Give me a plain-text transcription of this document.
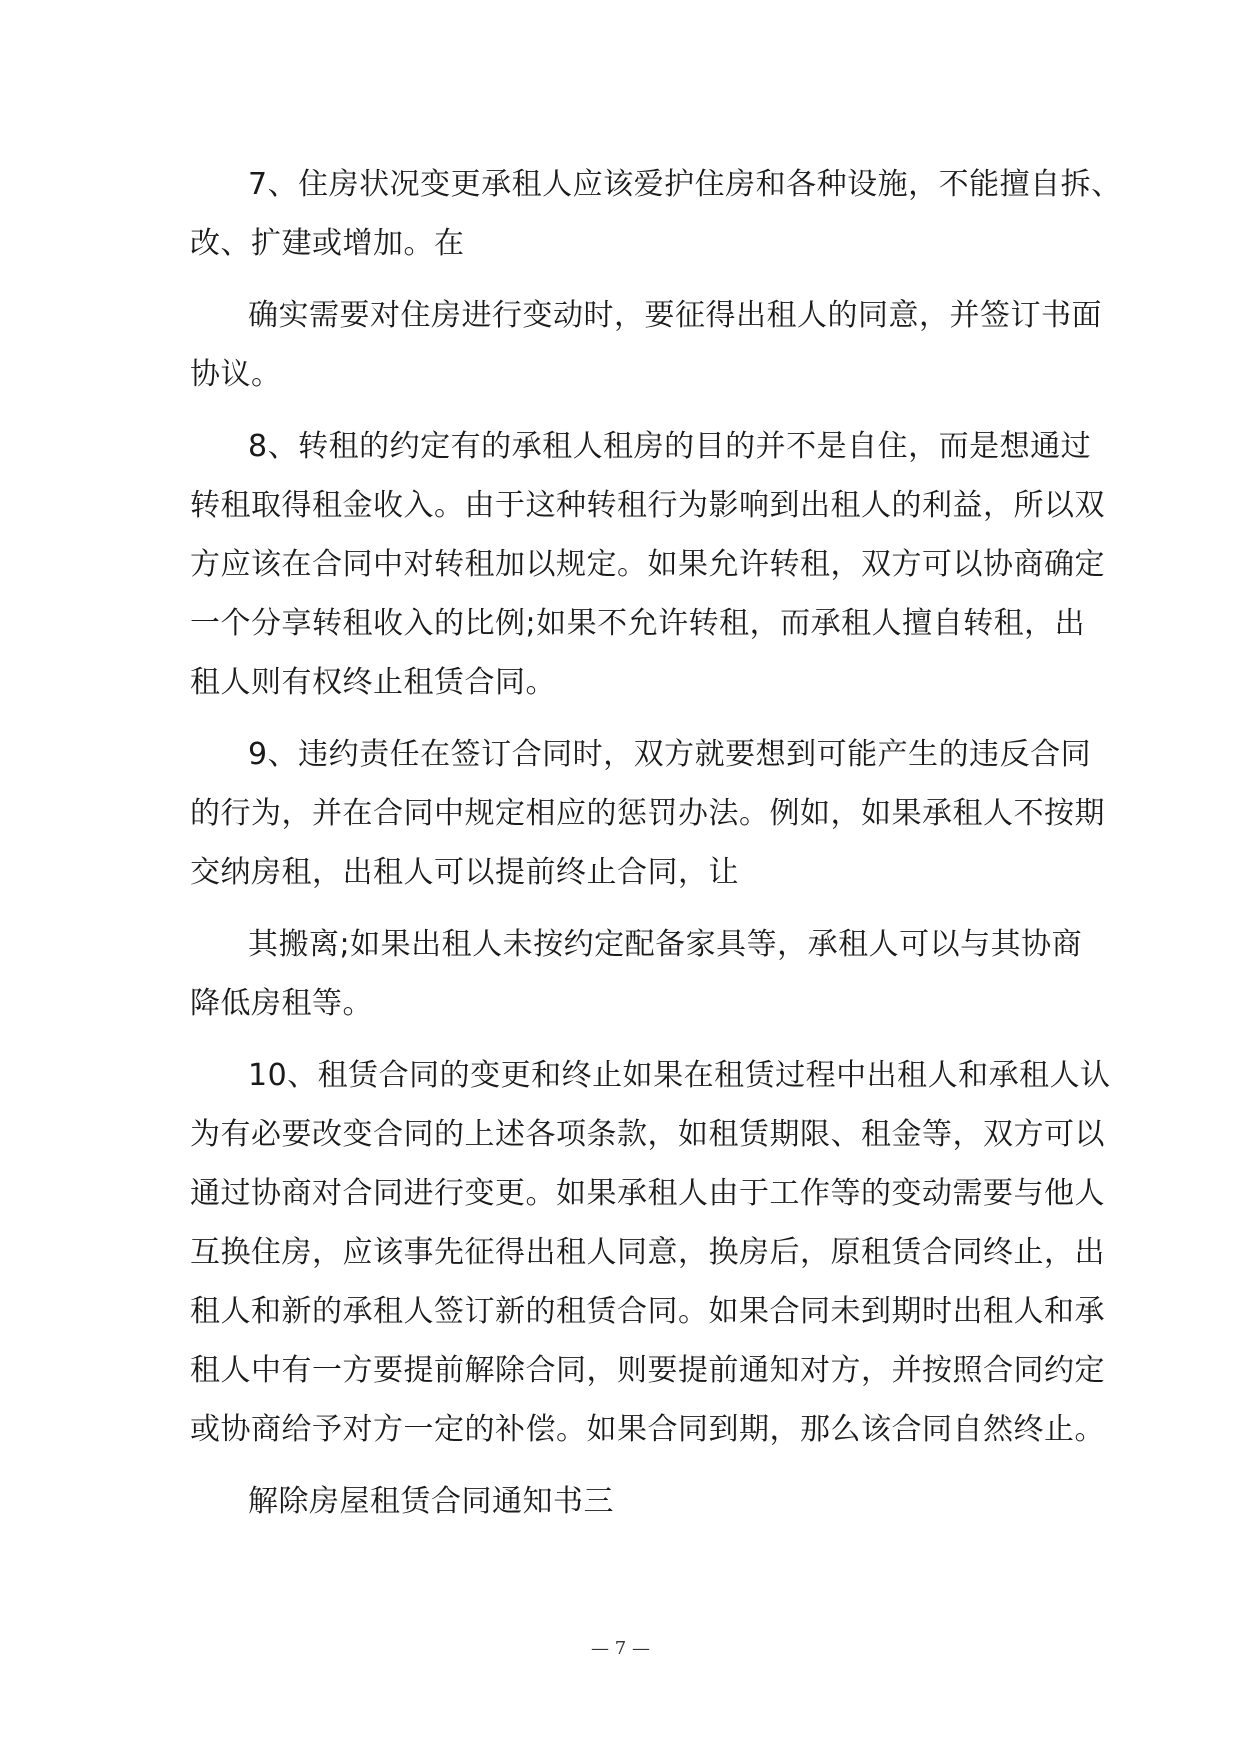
7、住房状况变更承租人应该爱护住房和各种设施，不能擅自拆、
改、扩建或增加。在
确实需要对住房进行变动时，要征得出租人的同意，并签订书面
协议。
8、转租的约定有的承租人租房的目的并不是自住，而是想通过
转租取得租金收入。由于这种转租行为影响到出租人的利益，所以双
方应该在合同中对转租加以规定。如果允许转租，双方可以协商确定
一个分享转租收入的比例;如果不允许转租，而承租人擅自转租，出
租人则有权终止租赁合同。
9、违约责任在签订合同时，双方就要想到可能产生的违反合同
的行为，并在合同中规定相应的惩罚办法。例如，如果承租人不按期
交纳房租，出租人可以提前终止合同，让
其搬离;如果出租人未按约定配备家具等，承租人可以与其协商
降低房租等。
10、租赁合同的变更和终止如果在租赁过程中出租人和承租人认
为有必要改变合同的上述各项条款，如租赁期限、租金等，双方可以
通过协商对合同进行变更。如果承租人由于工作等的变动需要与他人
互换住房，应该事先征得出租人同意，换房后，原租赁合同终止，出
租人和新的承租人签订新的租赁合同。如果合同未到期时出租人和承
租人中有一方要提前解除合同，则要提前通知对方，并按照合同约定
或协商给予对方一定的补偿。如果合同到期，那么该合同自然终止。
解除房屋租赁合同通知书三
— 7 —
